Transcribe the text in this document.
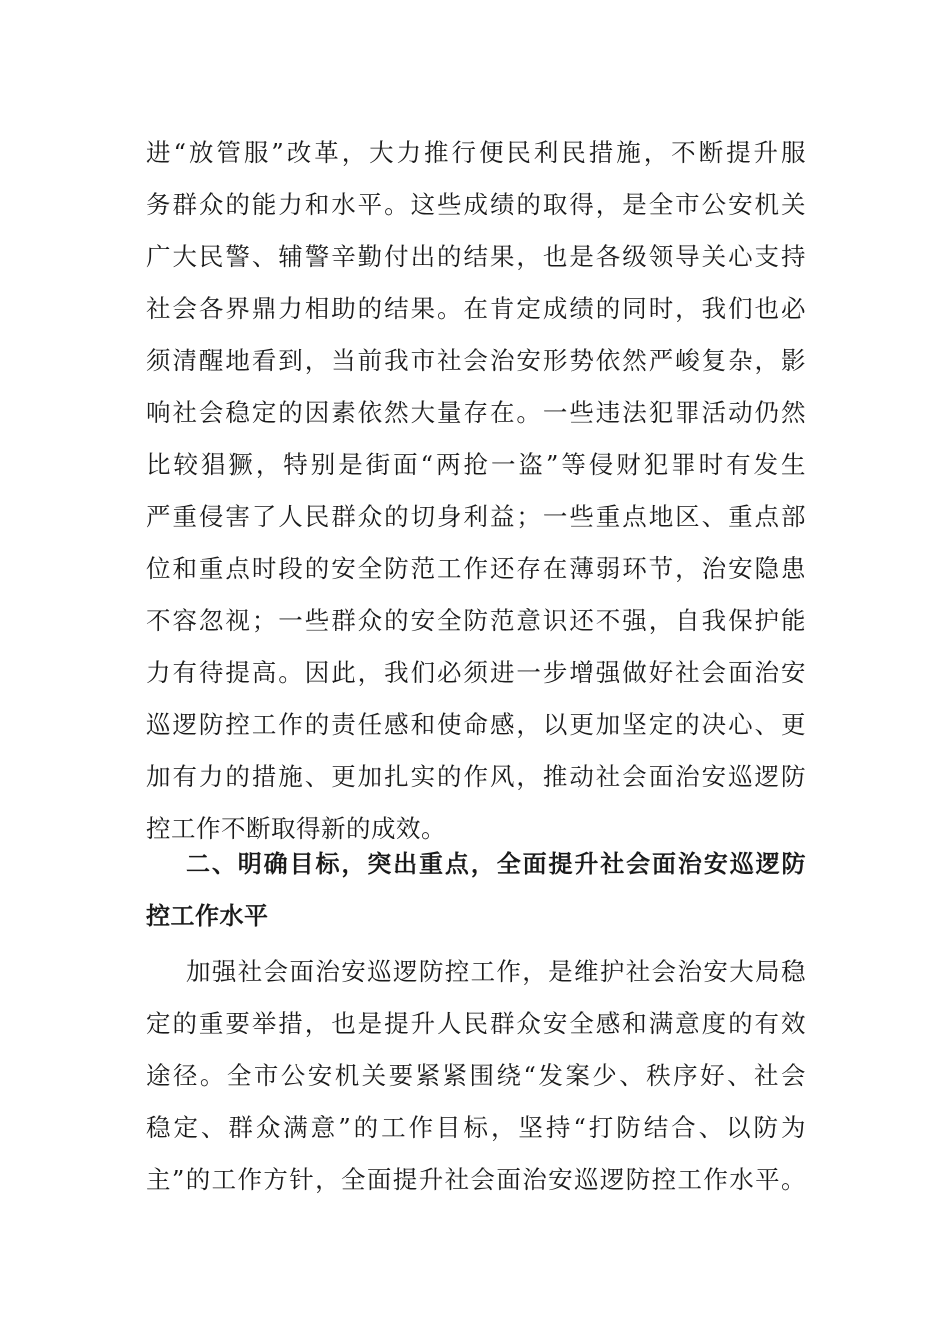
进“放管服”改革，大力推行便民利民措施，不断提升服
务群众的能力和水平。这些成绩的取得，是全市公安机关
广大民警、辅警辛勤付出的结果，也是各级领导关心支持
社会各界鼎力相助的结果。在肯定成绩的同时，我们也必
须清醒地看到，当前我市社会治安形势依然严峻复杂，影
响社会稳定的因素依然大量存在。一些违法犯罪活动仍然
比较猖獗，特别是街面“两抢一盗”等侵财犯罪时有发生
严重侵害了人民群众的切身利益；一些重点地区、重点部
位和重点时段的安全防范工作还存在薄弱环节，治安隐患
不容忽视；一些群众的安全防范意识还不强，自我保护能
力有待提高。因此，我们必须进一步增强做好社会面治安
巡逻防控工作的责任感和使命感，以更加坚定的决心、更
加有力的措施、更加扎实的作风，推动社会面治安巡逻防
控工作不断取得新的成效。
二、明确目标，突出重点，全面提升社会面治安巡逻防
控工作水平
加强社会面治安巡逻防控工作，是维护社会治安大局稳
定的重要举措，也是提升人民群众安全感和满意度的有效
途径。全市公安机关要紧紧围绕“发案少、秩序好、社会
稳定、群众满意”的工作目标，坚持“打防结合、以防为
主”的工作方针，全面提升社会面治安巡逻防控工作水平。
